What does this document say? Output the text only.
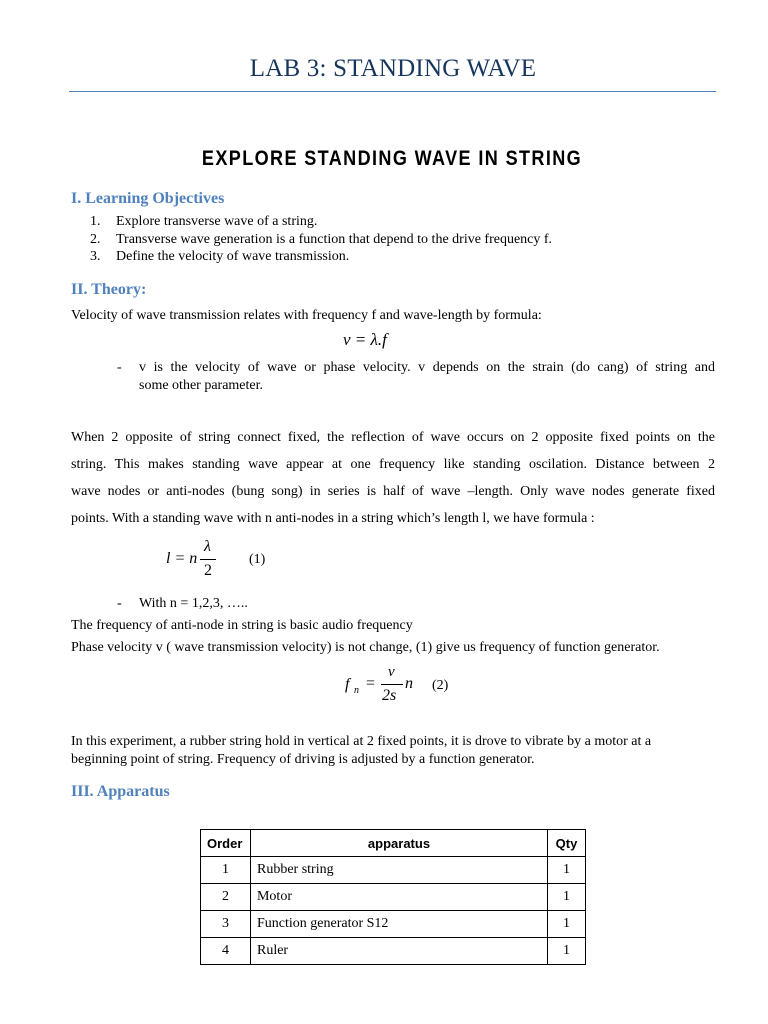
LAB 3: STANDING WAVE
EXPLORE STANDING WAVE IN STRING
I. Learning Objectives
1. Explore transverse wave of a string.
2. Transverse wave generation is a function that depend to the drive frequency f.
3. Define the velocity of wave transmission.
II. Theory:
Velocity of wave transmission relates with frequency f and wave-length by formula:
v = λ.f
- v is the velocity of wave or phase velocity. v depends on the strain (do cang) of string and
some other parameter.
When 2 opposite of string connect fixed, the reflection of wave occurs on 2 opposite fixed points on the
string. This makes standing wave appear at one frequency like standing oscilation. Distance between 2
wave nodes or anti-nodes (bung song) in series is half of wave –length. Only wave nodes generate fixed
points. With a standing wave with n anti-nodes in a string which’s length l, we have formula :
l = n
λ
2
(1)
- With n = 1,2,3, …..
The frequency of anti-node in string is basic audio frequency
Phase velocity v ( wave transmission velocity) is not change, (1) give us frequency of function generator.
f n =
v
2s
n (2)
In this experiment, a rubber string hold in vertical at 2 fixed points, it is drove to vibrate by a motor at a
beginning point of string. Frequency of driving is adjusted by a function generator.
III. Apparatus
Order	apparatus	Qty
1	Rubber string	1
2	Motor	1
3	Function generator S12	1
4	Ruler	1
